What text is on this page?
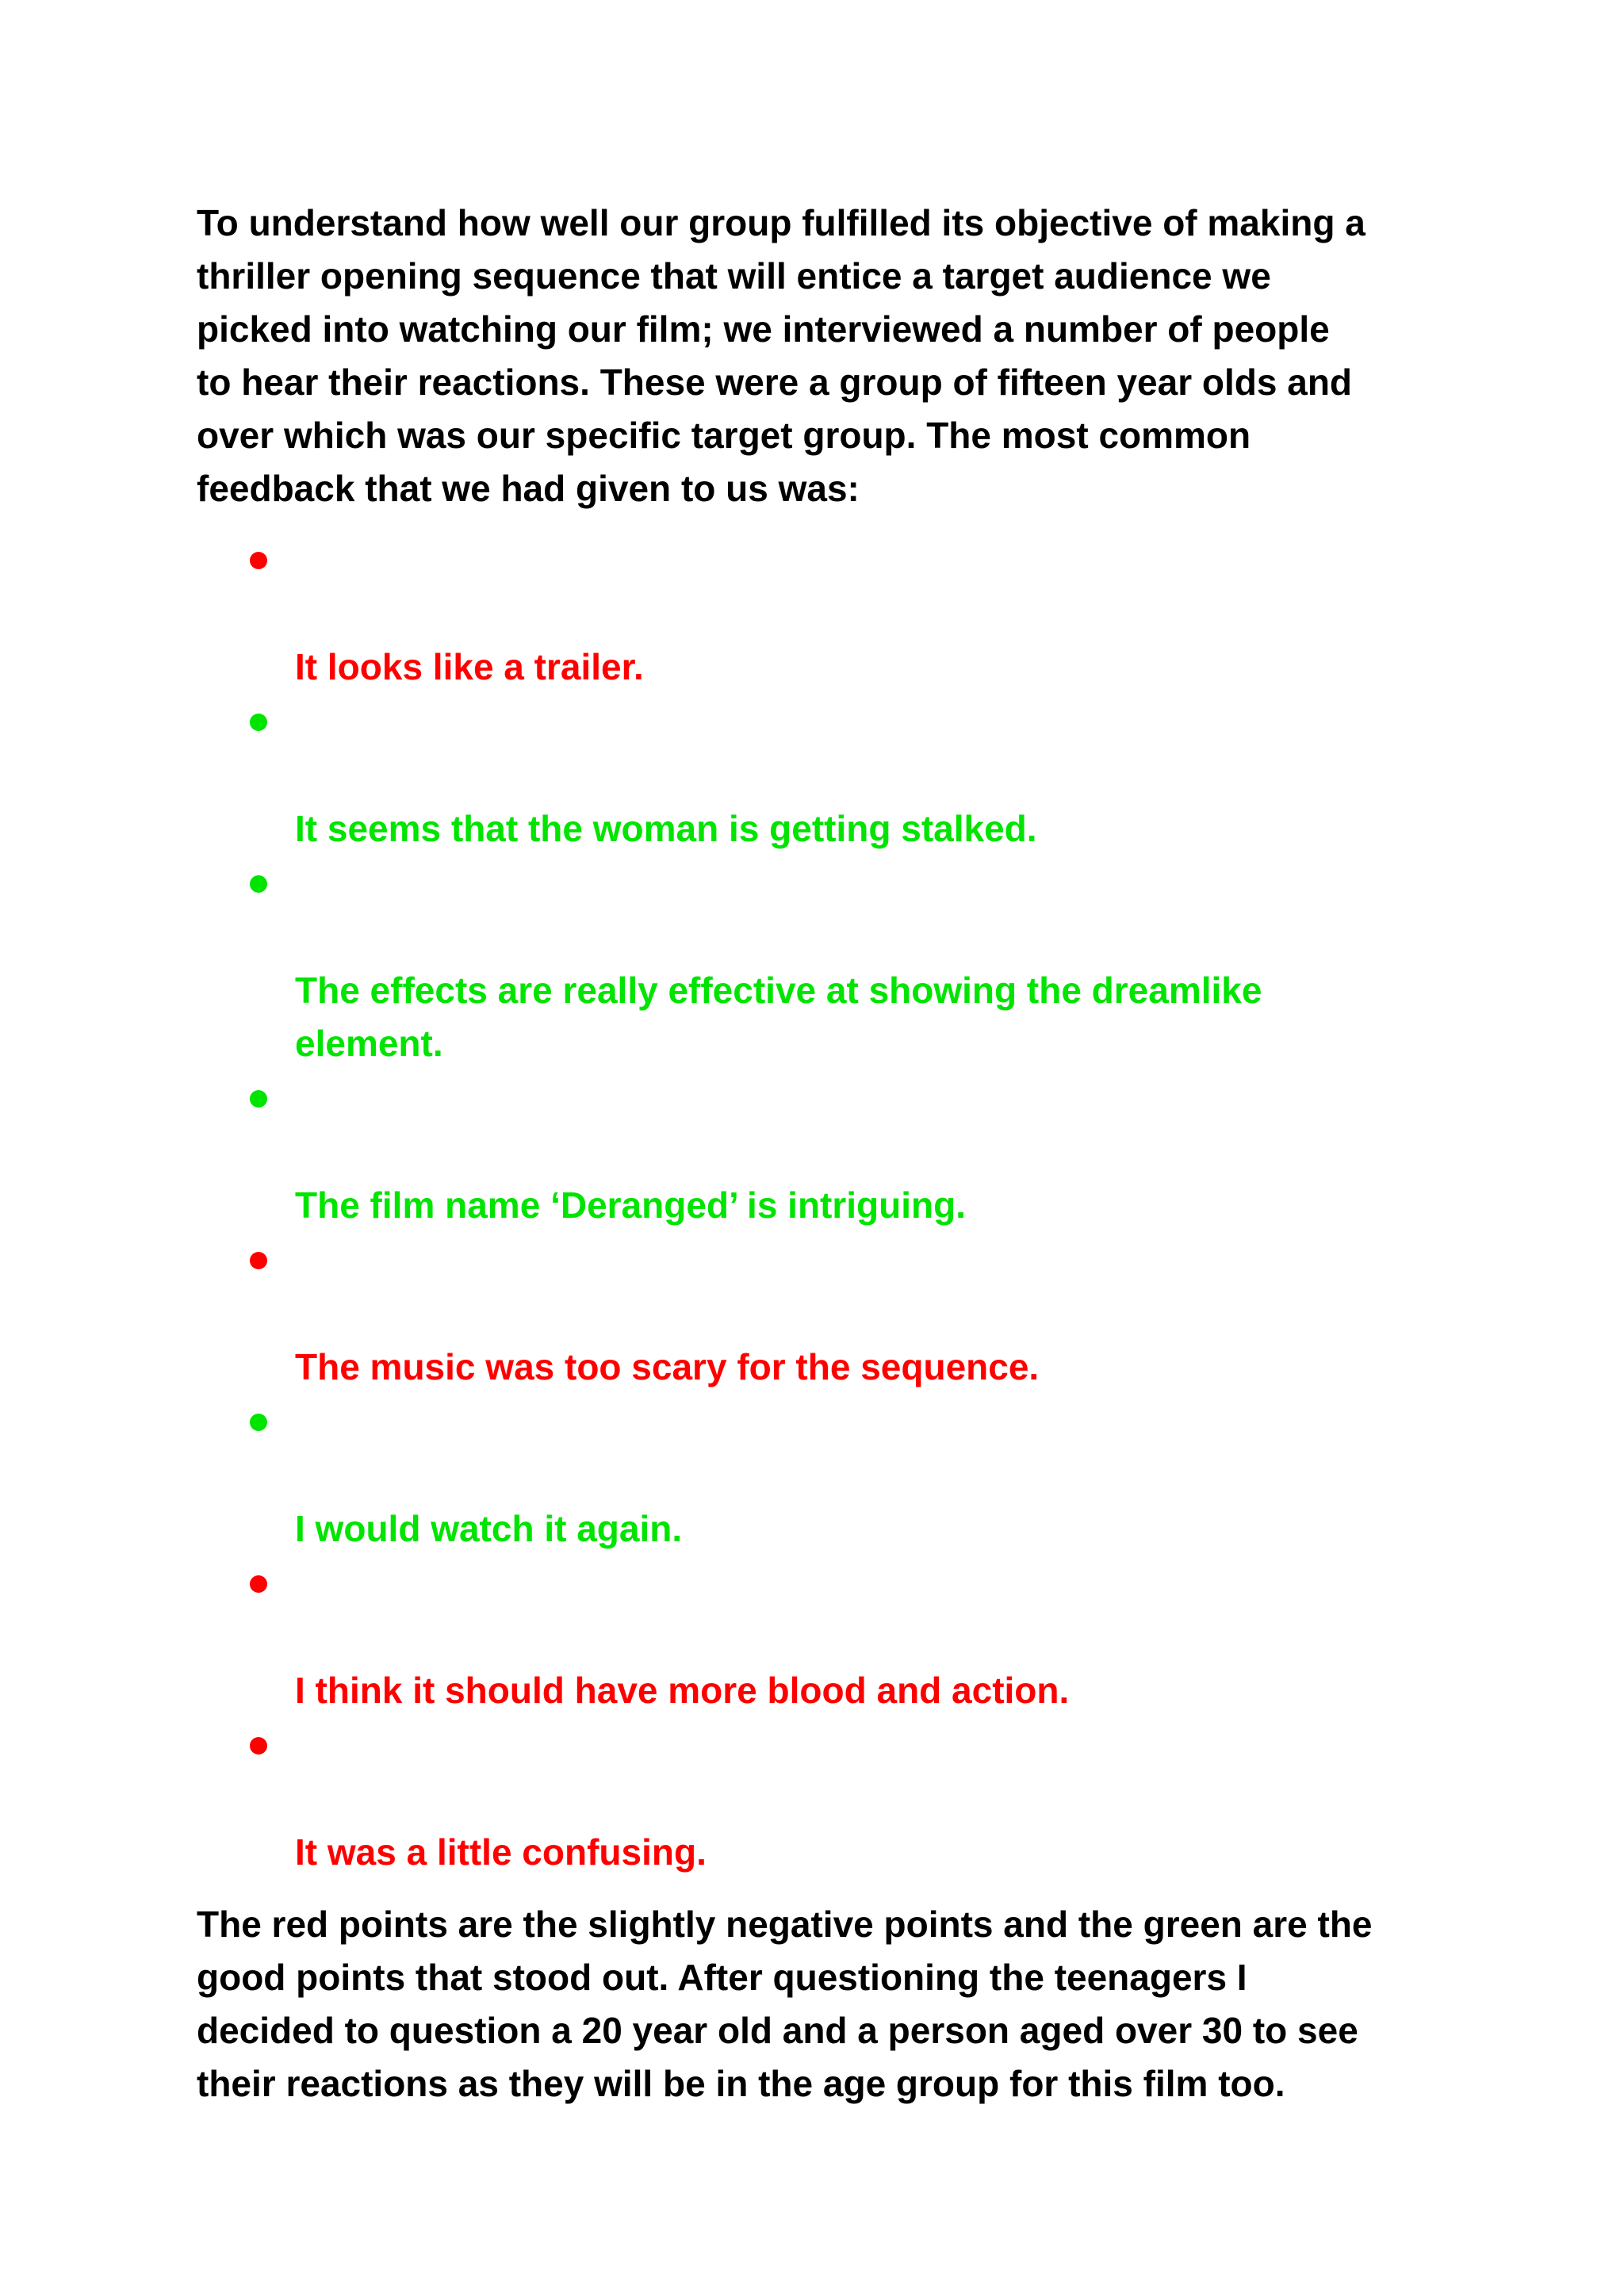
To understand how well our group fulfilled its objective of making a
thriller opening sequence that will entice a target audience we
picked into watching our film; we interviewed a number of people
to hear their reactions. These were a group of fifteen year olds and
over which was our specific target group. The most common
feedback that we had given to us was:

It looks like a trailer.

It seems that the woman is getting stalked.

The effects are really effective at showing the dreamlike
element.

The film name ‘Deranged’ is intriguing.

The music was too scary for the sequence.

I would watch it again.

I think it should have more blood and action.

It was a little confusing.

The red points are the slightly negative points and the green are the
good points that stood out. After questioning the teenagers I
decided to question a 20 year old and a person aged over 30 to see
their reactions as they will be in the age group for this film too.
